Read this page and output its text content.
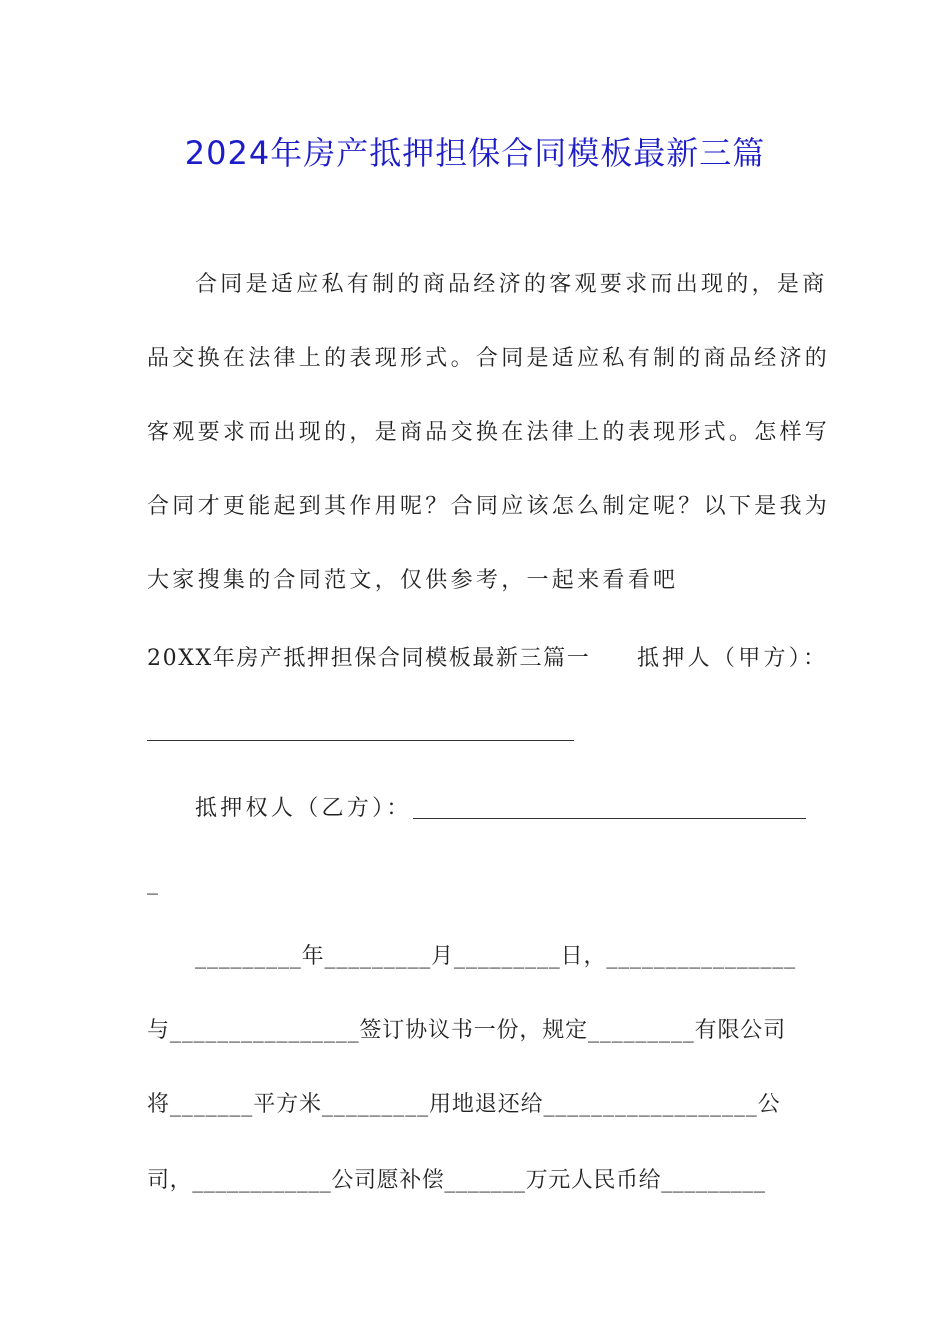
2024年房产抵押担保合同模板最新三篇
合同是适应私有制的商品经济的客观要求而出现的，是商
品交换在法律上的表现形式。合同是适应私有制的商品经济的
客观要求而出现的，是商品交换在法律上的表现形式。怎样写
合同才更能起到其作用呢？合同应该怎么制定呢？以下是我为
大家搜集的合同范文，仅供参考，一起来看看吧
20XX年房产抵押担保合同模板最新三篇一 抵押人（甲方）：
抵押权人（乙方）：
_
_________年_________月_________日，________________
与________________签订协议书一份，规定_________有限公司
将_______平方米_________用地退还给__________________公
司，____________公司愿补偿_______万元人民币给_________
